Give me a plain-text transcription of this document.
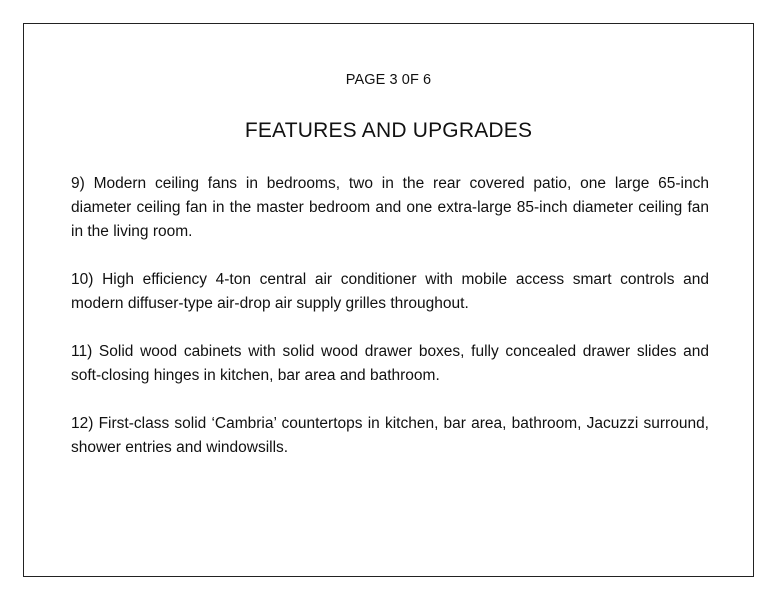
PAGE 3 0F 6
FEATURES AND UPGRADES

9) Modern ceiling fans in bedrooms, two in the rear covered patio, one large 65-inch diameter ceiling fan in the master bedroom and one extra-large 85-inch diameter ceiling fan in the living room.

10) High efficiency 4-ton central air conditioner with mobile access smart controls and modern diffuser-type air-drop air supply grilles throughout.

11) Solid wood cabinets with solid wood drawer boxes, fully concealed drawer slides and soft-closing hinges in kitchen, bar area and bathroom.

12) First-class solid ‘Cambria’ countertops in kitchen, bar area, bathroom, Jacuzzi surround, shower entries and windowsills.
